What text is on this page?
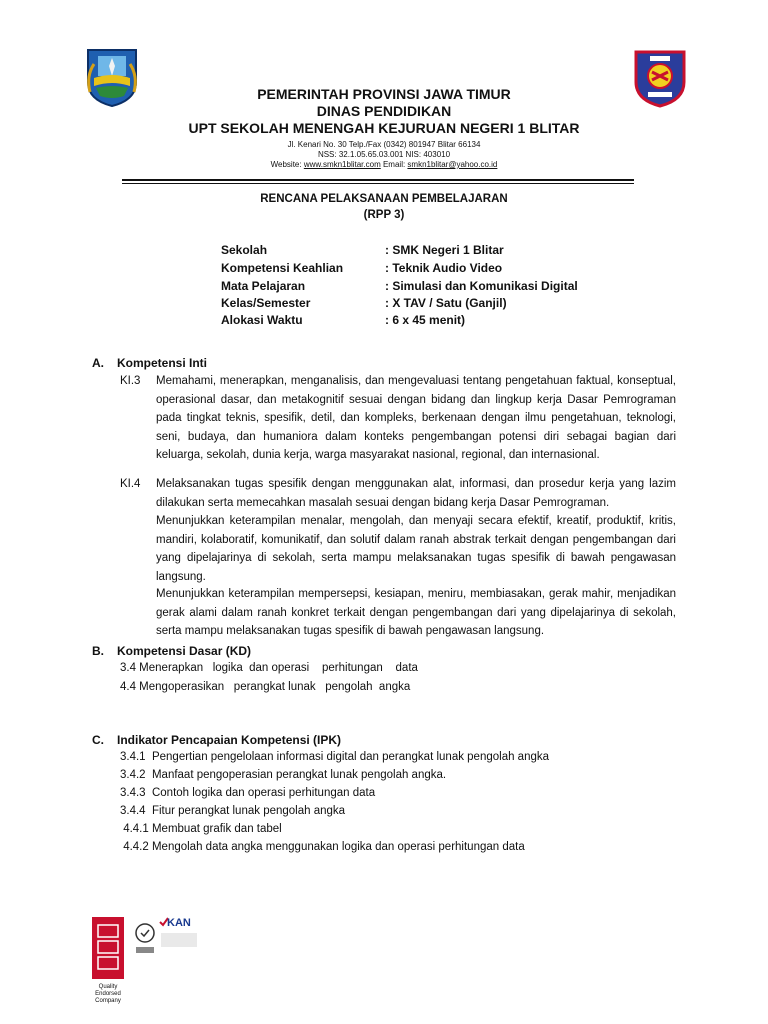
PEMERINTAH PROVINSI JAWA TIMUR
DINAS PENDIDIKAN
UPT SEKOLAH MENENGAH KEJURUAN NEGERI 1 BLITAR
Jl. Kenari No. 30 Telp./Fax (0342) 801947 Blitar 66134
NSS: 32.1.05.65.03.001 NIS: 403010
Website: www.smkn1blitar.com Email: smkn1blitar@yahoo.co.id
RENCANA PELAKSANAAN PEMBELAJARAN
(RPP 3)
Sekolah	: SMK Negeri 1 Blitar
Kompetensi Keahlian	: Teknik Audio Video
Mata Pelajaran	: Simulasi dan Komunikasi Digital
Kelas/Semester	: X TAV / Satu (Ganjil)
Alokasi Waktu	: 6 x 45 menit)
A. Kompetensi Inti
KI.3 Memahami, menerapkan, menganalisis, dan mengevaluasi tentang pengetahuan faktual, konseptual, operasional dasar, dan metakognitif sesuai dengan bidang dan lingkup kerja Dasar Pemrograman pada tingkat teknis, spesifik, detil, dan kompleks, berkenaan dengan ilmu pengetahuan, teknologi, seni, budaya, dan humaniora dalam konteks pengembangan potensi diri sebagai bagian dari keluarga, sekolah, dunia kerja, warga masyarakat nasional, regional, dan internasional.
KI.4 Melaksanakan tugas spesifik dengan menggunakan alat, informasi, dan prosedur kerja yang lazim dilakukan serta memecahkan masalah sesuai dengan bidang kerja Dasar Pemrograman.
Menunjukkan keterampilan menalar, mengolah, dan menyaji secara efektif, kreatif, produktif, kritis, mandiri, kolaboratif, komunikatif, dan solutif dalam ranah abstrak terkait dengan pengembangan dari yang dipelajarinya di sekolah, serta mampu melaksanakan tugas spesifik di bawah pengawasan langsung.
Menunjukkan keterampilan mempersepsi, kesiapan, meniru, membiasakan, gerak mahir, menjadikan gerak alami dalam ranah konkret terkait dengan pengembangan dari yang dipelajarinya di sekolah, serta mampu melaksanakan tugas spesifik di bawah pengawasan langsung.
B. Kompetensi Dasar (KD)
3.4 Menerapkan   logika  dan operasi    perhitungan    data
4.4 Mengoperasikan   perangkat lunak   pengolah  angka
C. Indikator Pencapaian Kompetensi (IPK)
3.4.1  Pengertian pengelolaan informasi digital dan perangkat lunak pengolah angka
3.4.2  Manfaat pengoperasian perangkat lunak pengolah angka.
3.4.3  Contoh logika dan operasi perhitungan data
3.4.4  Fitur perangkat lunak pengolah angka
4.4.1 Membuat grafik dan tabel
4.4.2 Mengolah data angka menggunakan logika dan operasi perhitungan data
Quality
Endorsed
Company
KAN
